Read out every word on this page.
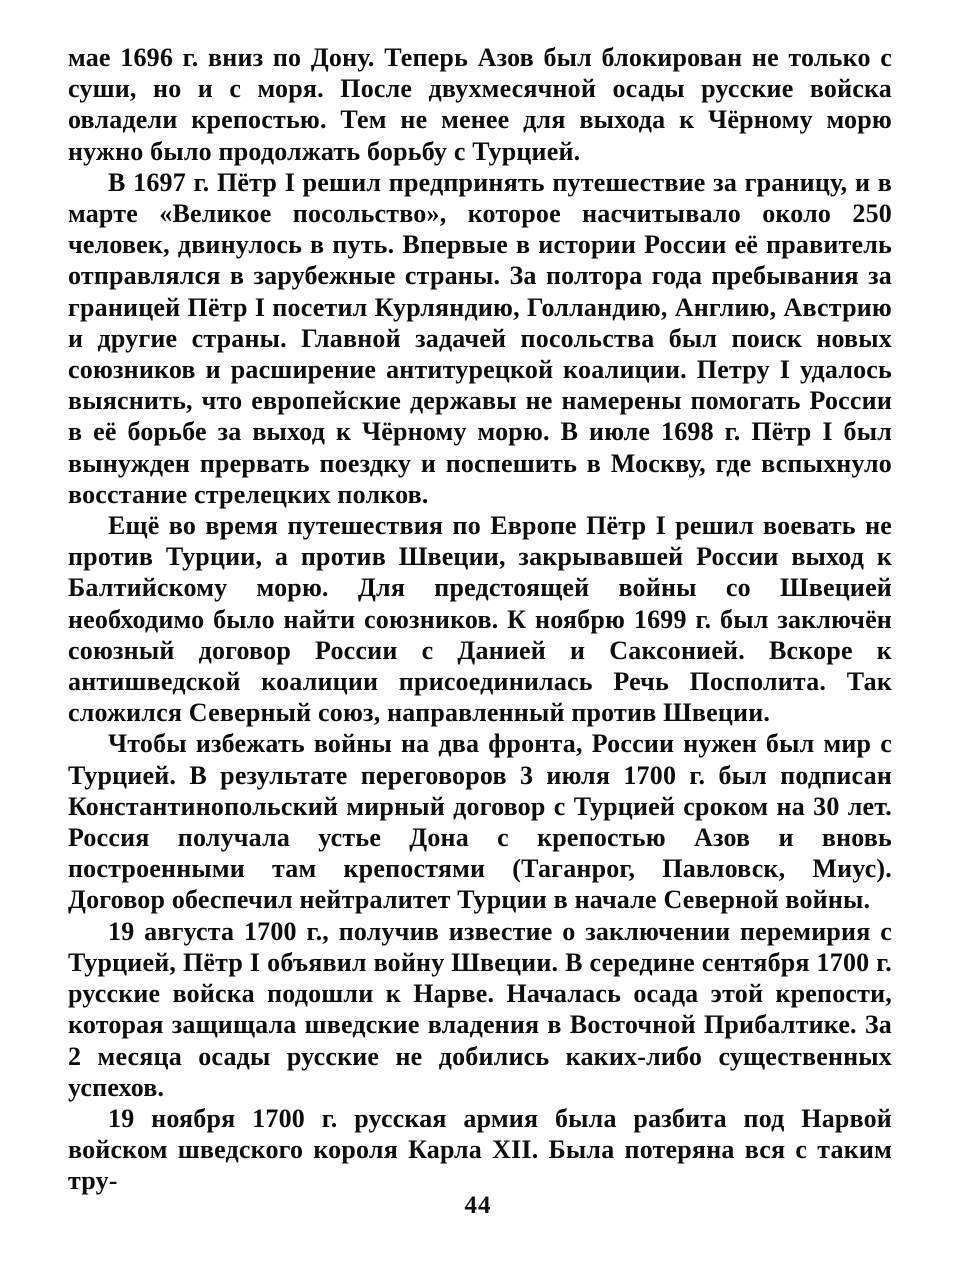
мае 1696 г. вниз по Дону. Теперь Азов был блокирован не только с суши, но и с моря. После двухмесячной осады русские войска овладели крепостью. Тем не менее для выхода к Чёрному морю нужно было продолжать борьбу с Турцией.

В 1697 г. Пётр I решил предпринять путешествие за границу, и в марте «Великое посольство», которое насчитывало около 250 человек, двинулось в путь. Впервые в истории России её правитель отправлялся в зарубежные страны. За полтора года пребывания за границей Пётр I посетил Курляндию, Голландию, Англию, Австрию и другие страны. Главной задачей посольства был поиск новых союзников и расширение антитурецкой коалиции. Петру I удалось выяснить, что европейские державы не намерены помогать России в её борьбе за выход к Чёрному морю. В июле 1698 г. Пётр I был вынужден прервать поездку и поспешить в Москву, где вспыхнуло восстание стрелецких полков.

Ещё во время путешествия по Европе Пётр I решил воевать не против Турции, а против Швеции, закрывавшей России выход к Балтийскому морю. Для предстоящей войны со Швецией необходимо было найти союзников. К ноябрю 1699 г. был заключён союзный договор России с Данией и Саксонией. Вскоре к антишведской коалиции присоединилась Речь Посполита. Так сложился Северный союз, направленный против Швеции.

Чтобы избежать войны на два фронта, России нужен был мир с Турцией. В результате переговоров 3 июля 1700 г. был подписан Константинопольский мирный договор с Турцией сроком на 30 лет. Россия получала устье Дона с крепостью Азов и вновь построенными там крепостями (Таганрог, Павловск, Миус). Договор обеспечил нейтралитет Турции в начале Северной войны.

19 августа 1700 г., получив известие о заключении перемирия с Турцией, Пётр I объявил войну Швеции. В середине сентября 1700 г. русские войска подошли к Нарве. Началась осада этой крепости, которая защищала шведские владения в Восточной Прибалтике. За 2 месяца осады русские не добились каких-либо существенных успехов.

19 ноября 1700 г. русская армия была разбита под Нарвой войском шведского короля Карла XII. Была потеряна вся с таким тру-

44
